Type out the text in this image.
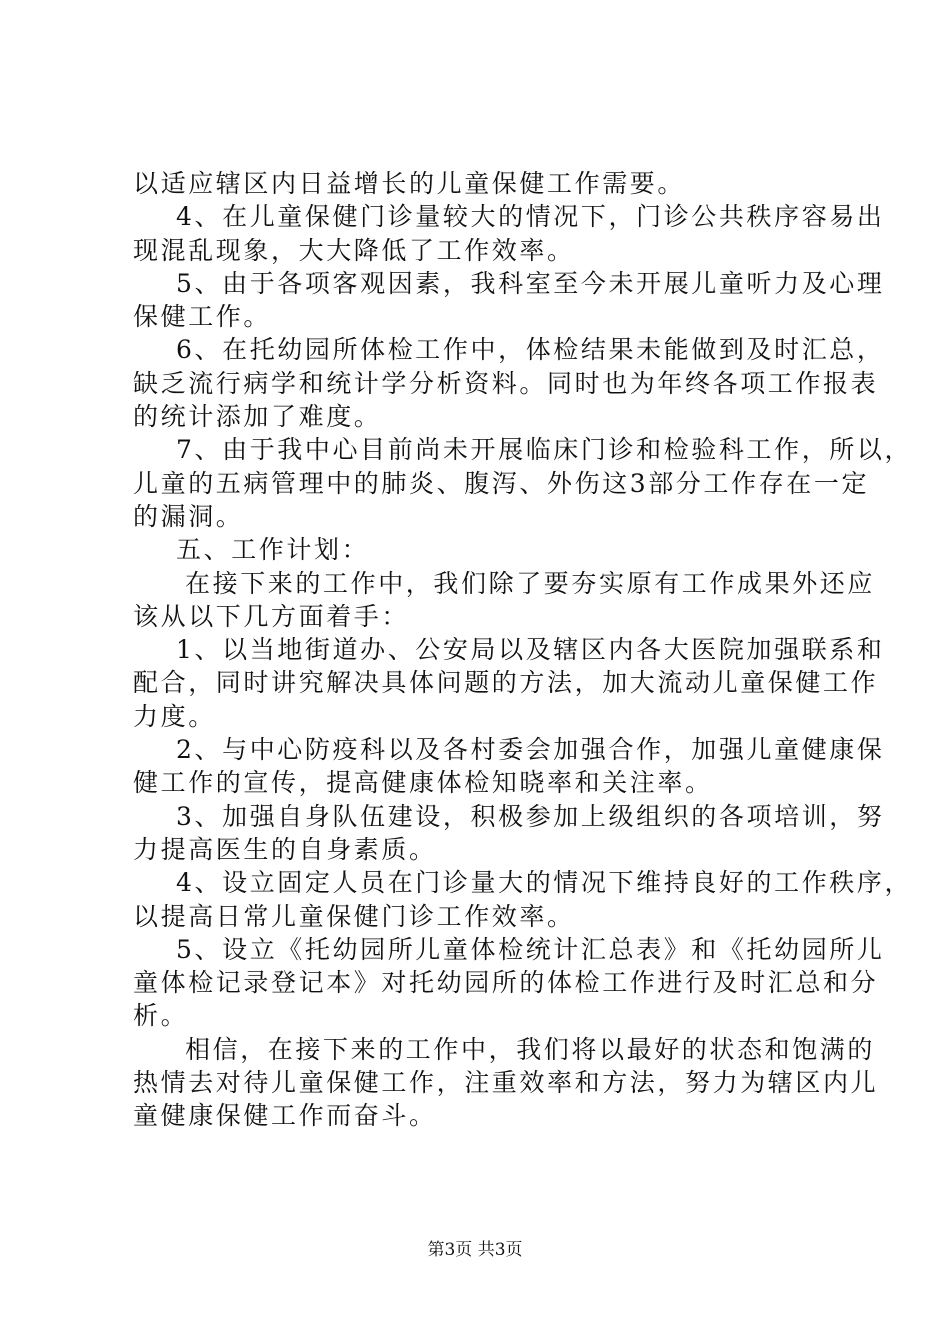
以适应辖区内日益增长的儿童保健工作需要。
4、在儿童保健门诊量较大的情况下，门诊公共秩序容易出
现混乱现象，大大降低了工作效率。
5、由于各项客观因素，我科室至今未开展儿童听力及心理
保健工作。
6、在托幼园所体检工作中，体检结果未能做到及时汇总，
缺乏流行病学和统计学分析资料。同时也为年终各项工作报表
的统计添加了难度。
7、由于我中心目前尚未开展临床门诊和检验科工作，所以，
儿童的五病管理中的肺炎、腹泻、外伤这3部分工作存在一定
的漏洞。
五、工作计划：
在接下来的工作中，我们除了要夯实原有工作成果外还应
该从以下几方面着手：
1、以当地街道办、公安局以及辖区内各大医院加强联系和
配合，同时讲究解决具体问题的方法，加大流动儿童保健工作
力度。
2、与中心防疫科以及各村委会加强合作，加强儿童健康保
健工作的宣传，提高健康体检知晓率和关注率。
3、加强自身队伍建设，积极参加上级组织的各项培训，努
力提高医生的自身素质。
4、设立固定人员在门诊量大的情况下维持良好的工作秩序，
以提高日常儿童保健门诊工作效率。
5、设立《托幼园所儿童体检统计汇总表》和《托幼园所儿
童体检记录登记本》对托幼园所的体检工作进行及时汇总和分
析。
相信，在接下来的工作中，我们将以最好的状态和饱满的
热情去对待儿童保健工作，注重效率和方法，努力为辖区内儿
童健康保健工作而奋斗。
第3页 共3页
